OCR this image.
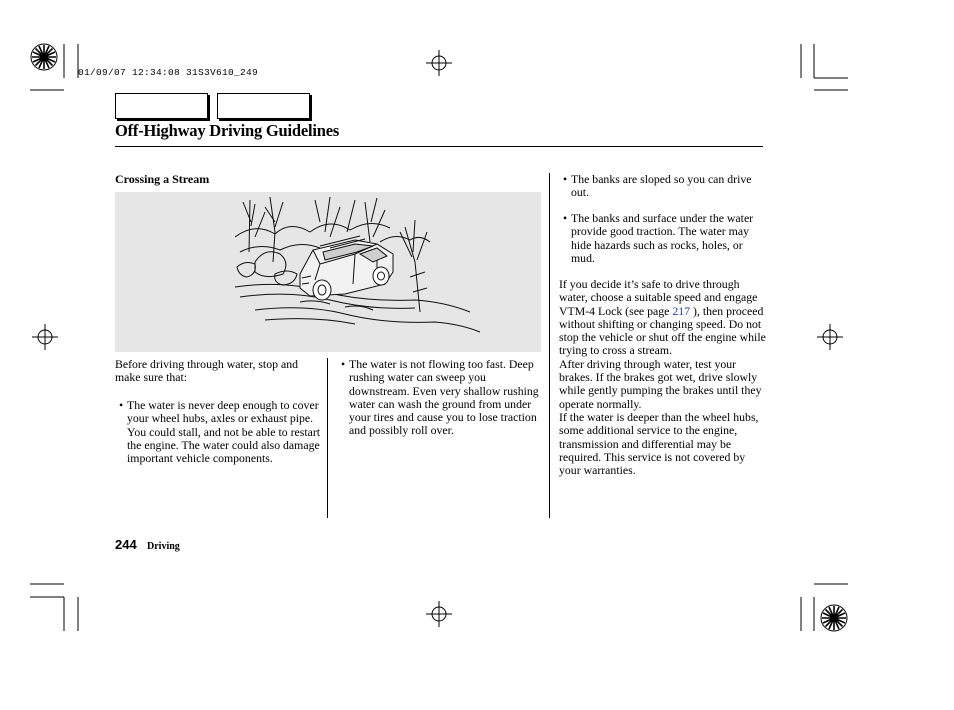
01/09/07 12:34:08 31S3V610_249
Off-Highway Driving Guidelines
Crossing a Stream
Before driving through water, stop and make sure that:
• The water is never deep enough to cover your wheel hubs, axles or exhaust pipe. You could stall, and not be able to restart the engine. The water could also damage important vehicle components.
• The water is not flowing too fast. Deep rushing water can sweep you downstream. Even very shallow rushing water can wash the ground from under your tires and cause you to lose traction and possibly roll over.
• The banks are sloped so you can drive out.
• The banks and surface under the water provide good traction. The water may hide hazards such as rocks, holes, or mud.
If you decide it’s safe to drive through water, choose a suitable speed and engage VTM-4 Lock (see page 217 ), then proceed without shifting or changing speed. Do not stop the vehicle or shut off the engine while trying to cross a stream.
After driving through water, test your brakes. If the brakes got wet, drive slowly while gently pumping the brakes until they operate normally.
If the water is deeper than the wheel hubs, some additional service to the engine, transmission and differential may be required. This service is not covered by your warranties.
244 Driving
